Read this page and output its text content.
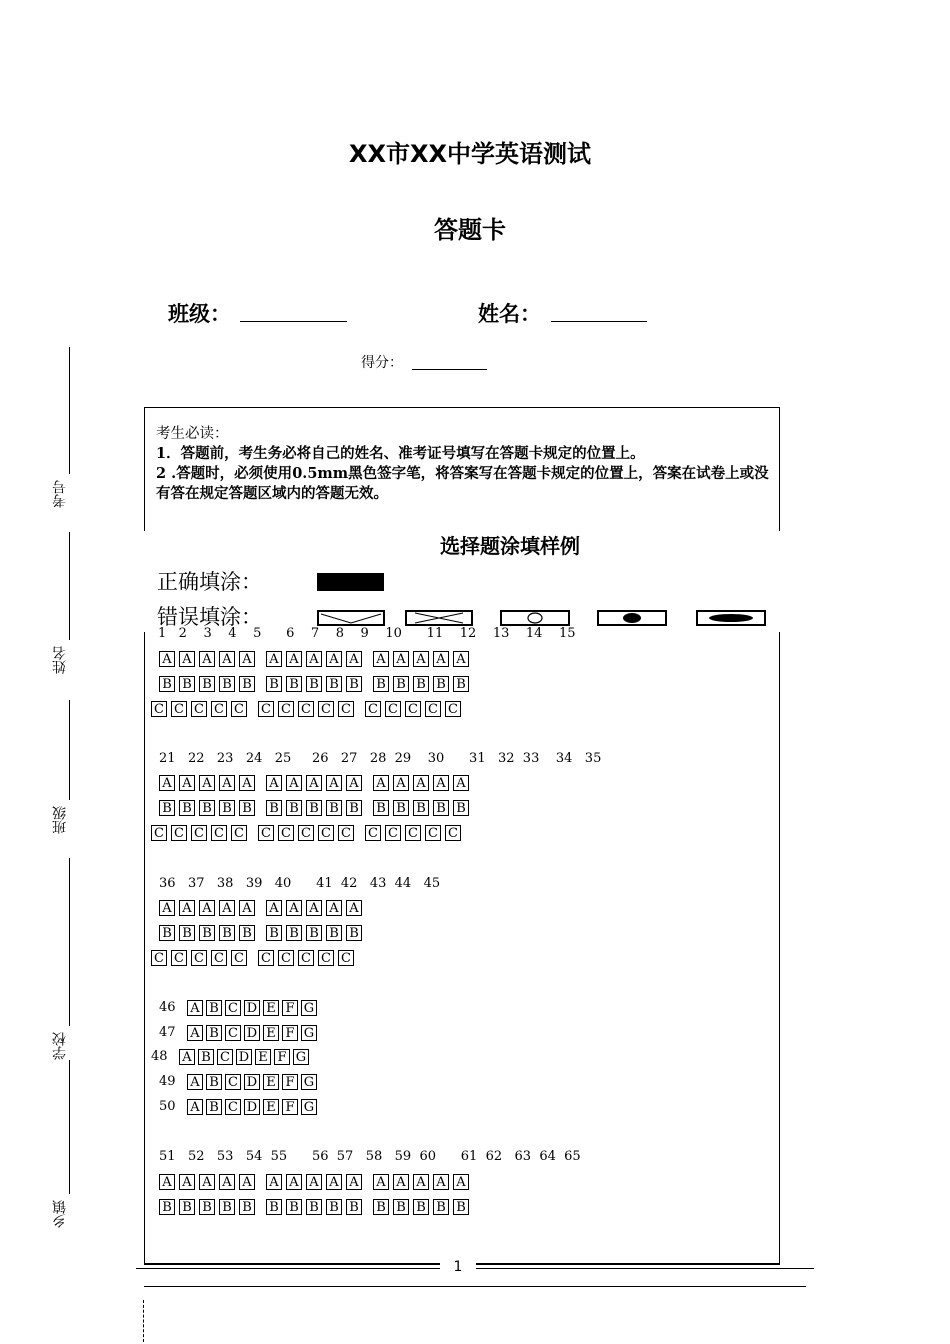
XX市XX中学英语测试
答题卡
班级：	姓名：
得分：
考号
姓名
班级
学校
乡镇
考生必读：
1．答题前，考生务必将自己的姓名、准考证号填写在答题卡规定的位置上。
2 .答题时，必须使用0.5mm黑色签字笔，将答案写在答题卡规定的位置上，答案在试卷上或没有答在规定答题区域内的答题无效。
选择题涂填样例
正确填涂：
错误填涂：
1   2    3    4    5      6    7    8    9    10      11    12    13    14    15
A A A A A A A A A A A A A A A
B B B B B B B B B B B B B B B
C C C C C C C C C C C C C C C
21   22   23   24   25     26   27   28  29    30      31   32  33    34   35
A A A A A A A A A A A A A A A
B B B B B B B B B B B B B B B
C C C C C C C C C C C C C C C
36   37   38   39   40      41  42   43  44   45
A A A A A A A A A A
B B B B B B B B B B
C C C C C C C C C C
46 A B C D E F G
47 A B C D E F G
48 A B C D E F G
49 A B C D E F G
50 A B C D E F G
51   52   53   54  55      56  57   58   59  60      61  62   63  64  65
A A A A A A A A A A A A A A A
B B B B B B B B B B B B B B B
1
